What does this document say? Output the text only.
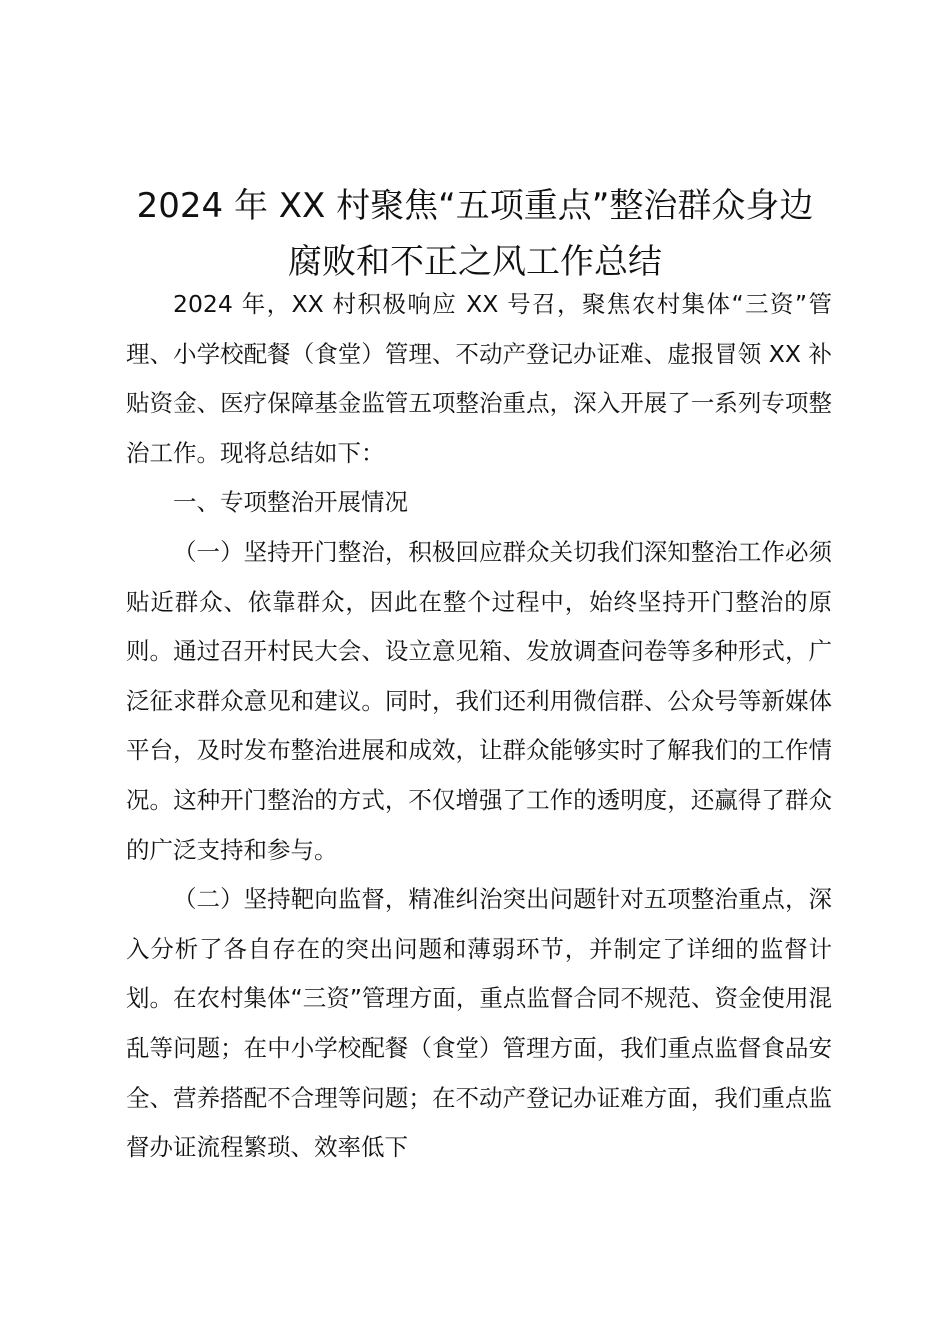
2024 年 XX 村聚焦“五项重点”整治群众身边腐败和不正之风工作总结

2024 年，XX 村积极响应 XX 号召，聚焦农村集体“三资”管理、小学校配餐（食堂）管理、不动产登记办证难、虚报冒领 XX 补贴资金、医疗保障基金监管五项整治重点，深入开展了一系列专项整治工作。现将总结如下：

一、专项整治开展情况

（一）坚持开门整治，积极回应群众关切我们深知整治工作必须贴近群众、依靠群众，因此在整个过程中，始终坚持开门整治的原则。通过召开村民大会、设立意见箱、发放调查问卷等多种形式，广泛征求群众意见和建议。同时，我们还利用微信群、公众号等新媒体平台，及时发布整治进展和成效，让群众能够实时了解我们的工作情况。这种开门整治的方式，不仅增强了工作的透明度，还赢得了群众的广泛支持和参与。

（二）坚持靶向监督，精准纠治突出问题针对五项整治重点，深入分析了各自存在的突出问题和薄弱环节，并制定了详细的监督计划。在农村集体“三资”管理方面，重点监督合同不规范、资金使用混乱等问题；在中小学校配餐（食堂）管理方面，我们重点监督食品安全、营养搭配不合理等问题；在不动产登记办证难方面，我们重点监督办证流程繁琐、效率低下
